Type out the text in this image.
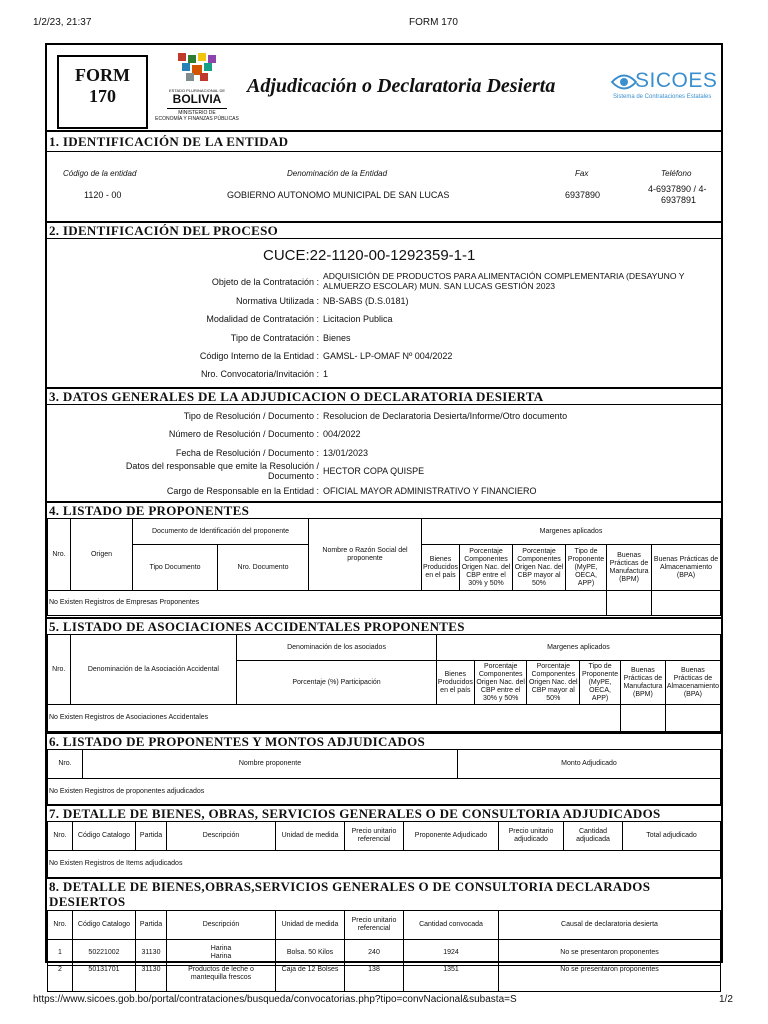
1/2/23, 21:37	FORM 170
https://www.sicoes.gob.bo/portal/contrataciones/busqueda/convocatorias.php?tipo=convNacional&subasta=S	1/2
FORM
170	ESTADO PLURINACIONAL DE
BOLIVIA
MINISTERIO DE
ECONOMÍA Y FINANZAS PÚBLICAS
Adjudicación o Declaratoria Desierta	SICOES
Sistema de Contrataciones Estatales
1. IDENTIFICACIÓN DE LA ENTIDAD
Código de la entidad	Denominación de la Entidad	Fax	Teléfono
1120 - 00	GOBIERNO AUTONOMO MUNICIPAL DE SAN LUCAS	6937890
4-6937890 / 4-
6937891
2. IDENTIFICACIÓN DEL PROCESO
CUCE:22-1120-00-1292359-1-1
Objeto de la Contratación :
ADQUISICIÓN DE PRODUCTOS PARA ALIMENTACIÓN COMPLEMENTARIA (DESAYUNO Y ALMUERZO ESCOLAR) MUN. SAN LUCAS GESTIÓN 2023
Normativa Utilizada : NB-SABS (D.S.0181)
Modalidad de Contratación : Licitacion Publica
Tipo de Contratación : Bienes
Código Interno de la Entidad : GAMSL- LP-OMAF Nº 004/2022
Nro. Convocatoria/Invitación : 1
3. DATOS GENERALES DE LA ADJUDICACION O DECLARATORIA DESIERTA
Tipo de Resolución / Documento : Resolucion de Declaratoria Desierta/Informe/Otro documento
Número de Resolución / Documento : 004/2022
Fecha de Resolución / Documento : 13/01/2023
Datos del responsable que emite la Resolución / Documento : HECTOR COPA QUISPE
Cargo de Responsable en la Entidad : OFICIAL MAYOR ADMINISTRATIVO Y FINANCIERO
4. LISTADO DE PROPONENTES
Nro.	Origen	Documento de Identificación del proponente		Nombre o Razón Social del proponente	Margenes aplicados					
		Tipo Documento	Nro. Documento		Bienes Producidos en el país	Porcentaje Componentes Origen Nac. del CBP entre el 30% y 50%	Porcentaje Componentes Origen Nac. del CBP mayor al 50%	Tipo de Proponente (MyPE, OECA, APP)	Buenas Prácticas de Manufactura (BPM)	Buenas Prácticas de Almacenamiento (BPA)
No Existen Registros de Empresas Proponentes										
5. LISTADO DE ASOCIACIONES ACCIDENTALES PROPONENTES
Nro.	Denominación de la Asociación Accidental	Denominación de los asociados	Margenes aplicados					
		Porcentaje (%) Participación	Bienes Producidos en el país	Porcentaje Componentes Origen Nac. del CBP entre el 30% y 50%	Porcentaje Componentes Origen Nac. del CBP mayor al 50%	Tipo de Proponente (MyPE, OECA, APP)	Buenas Prácticas de Manufactura (BPM)	Buenas Prácticas de Almacenamiento (BPA)
No Existen Registros de Asociaciones Accidentales								
6. LISTADO DE PROPONENTES Y MONTOS ADJUDICADOS
Nro.	Nombre proponente	Monto Adjudicado
No Existen Registros de proponentes adjudicados
7. DETALLE DE BIENES, OBRAS, SERVICIOS GENERALES O DE CONSULTORIA ADJUDICADOS
Nro.	Código Catalogo	Partida	Descripción	Unidad de medida	Precio unitario referencial	Proponente Adjudicado	Precio unitario adjudicado	Cantidad adjudicada	Total adjudicado
No Existen Registros de Items adjudicados
8. DETALLE DE BIENES,OBRAS,SERVICIOS GENERALES O DE CONSULTORIA DECLARADOS
DESIERTOS
Nro.	Código Catalogo	Partida	Descripción	Unidad de medida	Precio unitario referencial	Cantidad convocada	Causal de declaratoria desierta
1	50221002	31130	Harina
Harina	Bolsa. 50 Kilos	240	1924	No se presentaron proponentes
2	50131701	31130	Productos de leche o
mantequilla frescos	Caja de 12 Bolses	138	1351	No se presentaron proponentes
